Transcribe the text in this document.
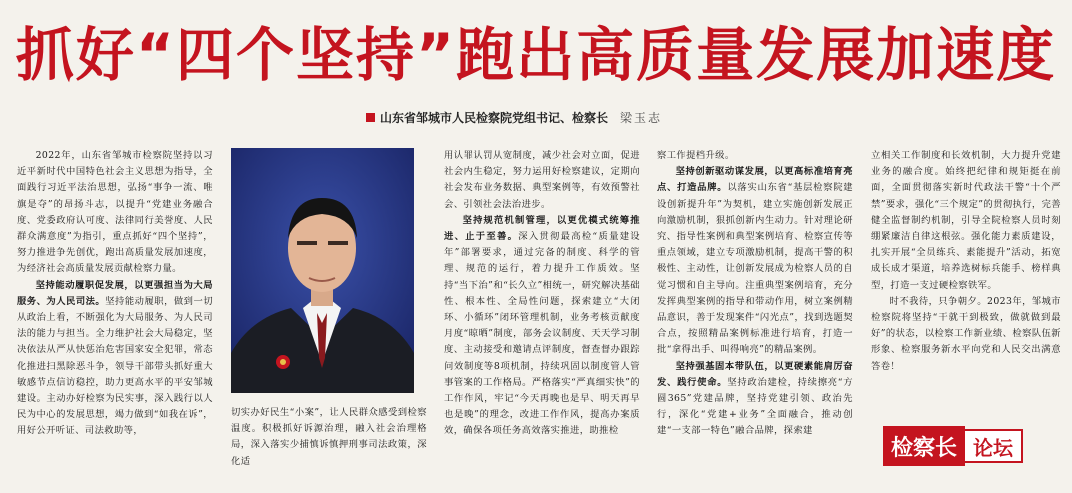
抓好“四个坚持”跑出高质量发展加速度
山东省邹城市人民检察院党组书记、检察长 梁玉志
2022年，山东省邹城市检察院坚持以习近平新时代中国特色社会主义思想为指导，全面践行习近平法治思想，弘扬“事争一流、唯旗是夺”的昂扬斗志，以提升“党建业务融合度、党委政府认可度、法律同行美誉度、人民群众满意度”为指引，重点抓好“四个坚持”，努力推进争先创优，跑出高质量发展加速度，为经济社会高质量发展贡献检察力量。
坚持能动履职促发展，以更强担当为大局服务、为人民司法。坚持能动履职，做到一切从政治上看，不断强化为大局服务、为人民司法的能力与担当。全力维护社会大局稳定，坚决依法从严从快惩治危害国家安全犯罪，常态化推进扫黑除恶斗争，领导干部带头抓好重大敏感节点信访稳控，助力更高水平的平安邹城建设。主动办好检察为民实事，深入践行以人民为中心的发展思想，竭力做到“如我在诉”，用好公开听证、司法救助等，
切实办好民生“小案”，让人民群众感受到检察温度。积极抓好诉源治理，融入社会治理格局，深入落实少捕慎诉慎押刑事司法政策，深化适
用认罪认罚从宽制度，减少社会对立面，促进社会内生稳定，努力运用好检察建议，定期向社会发布业务数据、典型案例等，有效预警社会、引领社会法治进步。
坚持规范机制管理，以更优模式统筹推进、止于至善。深入贯彻最高检“质量建设年”部署要求，通过完备的制度、科学的管理、规范的运行，着力提升工作质效。坚持“当下治”和“长久立”相统一，研究解决基础性、根本性、全局性问题，探索建立“大闭环、小循环”闭环管理机制，业务考核贡献度月度“晾晒”制度，部务会议制度、天天学习制度、主动接受和邀请点评制度，督查督办跟踪问效制度等8项机制，持续巩固以制度管人管事管案的工作格局。严格落实“严真细实快”的工作作风，牢记“今天再晚也是早、明天再早也是晚”的理念，改进工作作风，提高办案质效，确保各项任务高效落实推进，助推检
察工作提档升级。
坚持创新驱动谋发展，以更高标准培育亮点、打造品牌。以落实山东省“基层检察院建设创新提升年”为契机，建立实施创新发展正向激励机制，狠抓创新内生动力。针对理论研究、指导性案例和典型案例培育、检察宣传等重点领域，建立专项激励机制，提高干警的积极性、主动性，让创新发展成为检察人员的自觉习惯和自主导向。注重典型案例培育，充分发挥典型案例的指导和带动作用，树立案例精品意识，善于发现案件“闪光点”，找到选题契合点，按照精品案例标准进行培育，打造一批“拿得出手、叫得响亮”的精品案例。
坚持强基固本带队伍，以更硬素能肩厉奋发、践行使命。坚持政治建检，持续擦亮“方圆365”党建品牌，坚持党建引领、政治先行，深化“党建+业务”全面融合，推动创建“一支部一特色”融合品牌，探索建
立相关工作制度和长效机制，大力提升党建业务的融合度。始终把纪律和规矩挺在前面，全面贯彻落实新时代政法干警“十个严禁”要求，强化“三个规定”的贯彻执行，完善健全监督制约机制，引导全院检察人员时刻绷紧廉洁自律这根弦。强化能力素质建设，扎实开展“全员练兵、素能提升”活动，拓宽成长成才渠道，培养选树标兵能手、榜样典型，打造一支过硬检察铁军。
时不我待，只争朝夕。2023年，邹城市检察院将坚持“干就干到极致，做就做到最好”的状态，以检察工作新业绩、检察队伍新形象、检察服务新水平向党和人民交出满意答卷！
检察长 论坛
